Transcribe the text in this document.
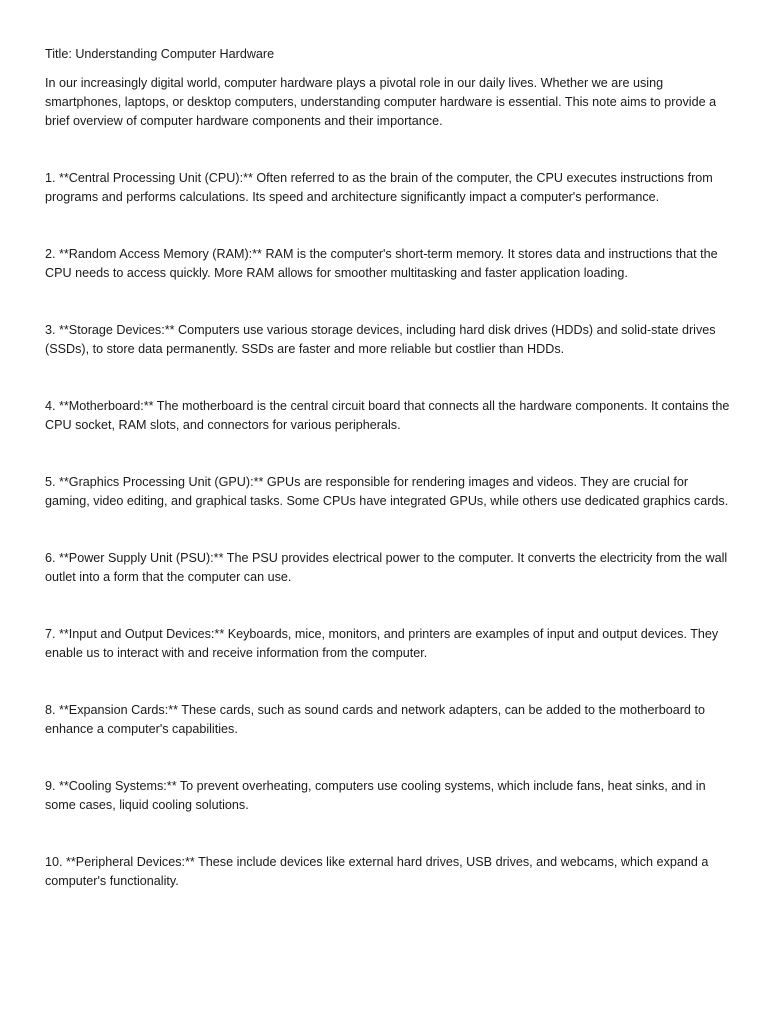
Title: Understanding Computer Hardware

In our increasingly digital world, computer hardware plays a pivotal role in our daily lives. Whether we are using smartphones, laptops, or desktop computers, understanding computer hardware is essential. This note aims to provide a brief overview of computer hardware components and their importance.

1. **Central Processing Unit (CPU):** Often referred to as the brain of the computer, the CPU executes instructions from programs and performs calculations. Its speed and architecture significantly impact a computer's performance.
2. **Random Access Memory (RAM):** RAM is the computer's short-term memory. It stores data and instructions that the CPU needs to access quickly. More RAM allows for smoother multitasking and faster application loading.
3. **Storage Devices:** Computers use various storage devices, including hard disk drives (HDDs) and solid-state drives (SSDs), to store data permanently. SSDs are faster and more reliable but costlier than HDDs.
4. **Motherboard:** The motherboard is the central circuit board that connects all the hardware components. It contains the CPU socket, RAM slots, and connectors for various peripherals.
5. **Graphics Processing Unit (GPU):** GPUs are responsible for rendering images and videos. They are crucial for gaming, video editing, and graphical tasks. Some CPUs have integrated GPUs, while others use dedicated graphics cards.
6. **Power Supply Unit (PSU):** The PSU provides electrical power to the computer. It converts the electricity from the wall outlet into a form that the computer can use.
7. **Input and Output Devices:** Keyboards, mice, monitors, and printers are examples of input and output devices. They enable us to interact with and receive information from the computer.
8. **Expansion Cards:** These cards, such as sound cards and network adapters, can be added to the motherboard to enhance a computer's capabilities.
9. **Cooling Systems:** To prevent overheating, computers use cooling systems, which include fans, heat sinks, and in some cases, liquid cooling solutions.
10. **Peripheral Devices:** These include devices like external hard drives, USB drives, and webcams, which expand a computer's functionality.
